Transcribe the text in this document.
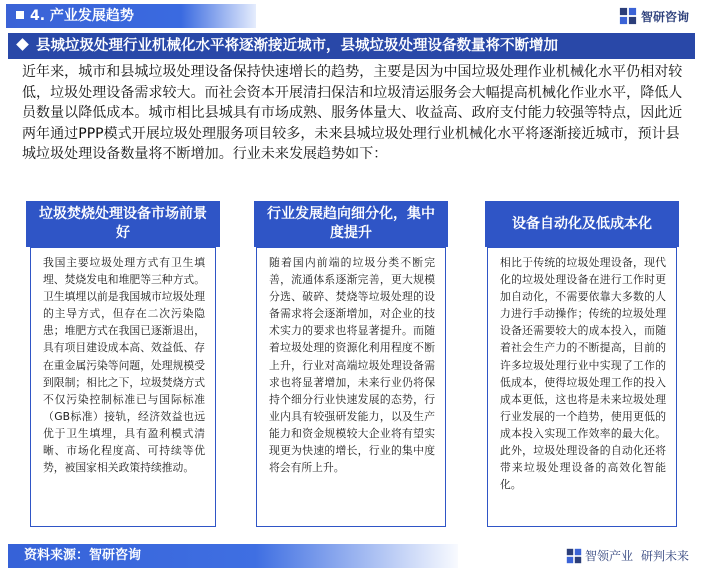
4. 产业发展趋势	智研咨询
县城垃圾处理行业机械化水平将逐渐接近城市，县城垃圾处理设备数量将不断增加

近年来，城市和县城垃圾处理设备保持快速增长的趋势，主要是因为中国垃圾处理作业机械化水平仍相对较低，垃圾处理设备需求较大。而社会资本开展清扫保洁和垃圾清运服务会大幅提高机械化作业水平，降低人员数量以降低成本。城市相比县城具有市场成熟、服务体量大、收益高、政府支付能力较强等特点，因此近两年通过PPP模式开展垃圾处理服务项目较多，未来县城垃圾处理行业机械化水平将逐渐接近城市，预计县城垃圾处理设备数量将不断增加。行业未来发展趋势如下：

垃圾焚烧处理设备市场前景好
我国主要垃圾处理方式有卫生填埋、焚烧发电和堆肥等三种方式。卫生填埋以前是我国城市垃圾处理的主导方式，但存在二次污染隐患；堆肥方式在我国已逐渐退出，具有项目建设成本高、效益低、存在重金属污染等问题，处理规模受到限制；相比之下，垃圾焚烧方式不仅污染控制标准已与国际标准（GB标准）接轨，经济效益也远优于卫生填埋，具有盈利模式清晰、市场化程度高、可持续等优势，被国家相关政策持续推动。
行业发展趋向细分化，集中度提升
随着国内前端的垃圾分类不断完善，流通体系逐渐完善，更大规模分选、破碎、焚烧等垃圾处理的设备需求将会逐渐增加，对企业的技术实力的要求也将显著提升。而随着垃圾处理的资源化利用程度不断上升，行业对高端垃圾处理设备需求也将显著增加，未来行业仍将保持个细分行业快速发展的态势，行业内具有较强研发能力，以及生产能力和资金规模较大企业将有望实现更为快速的增长，行业的集中度将会有所上升。
设备自动化及低成本化
相比于传统的垃圾处理设备，现代化的垃圾处理设备在进行工作时更加自动化，不需要依靠大多数的人力进行手动操作；传统的垃圾处理设备还需要较大的成本投入，而随着社会生产力的不断提高，目前的许多垃圾处理行业中实现了工作的低成本，使得垃圾处理工作的投入成本更低，这也将是未来垃圾处理行业发展的一个趋势，使用更低的成本投入实现工作效率的最大化。此外，垃圾处理设备的自动化还将带来垃圾处理设备的高效化智能化。
资料来源：智研咨询	智领产业 研判未来
